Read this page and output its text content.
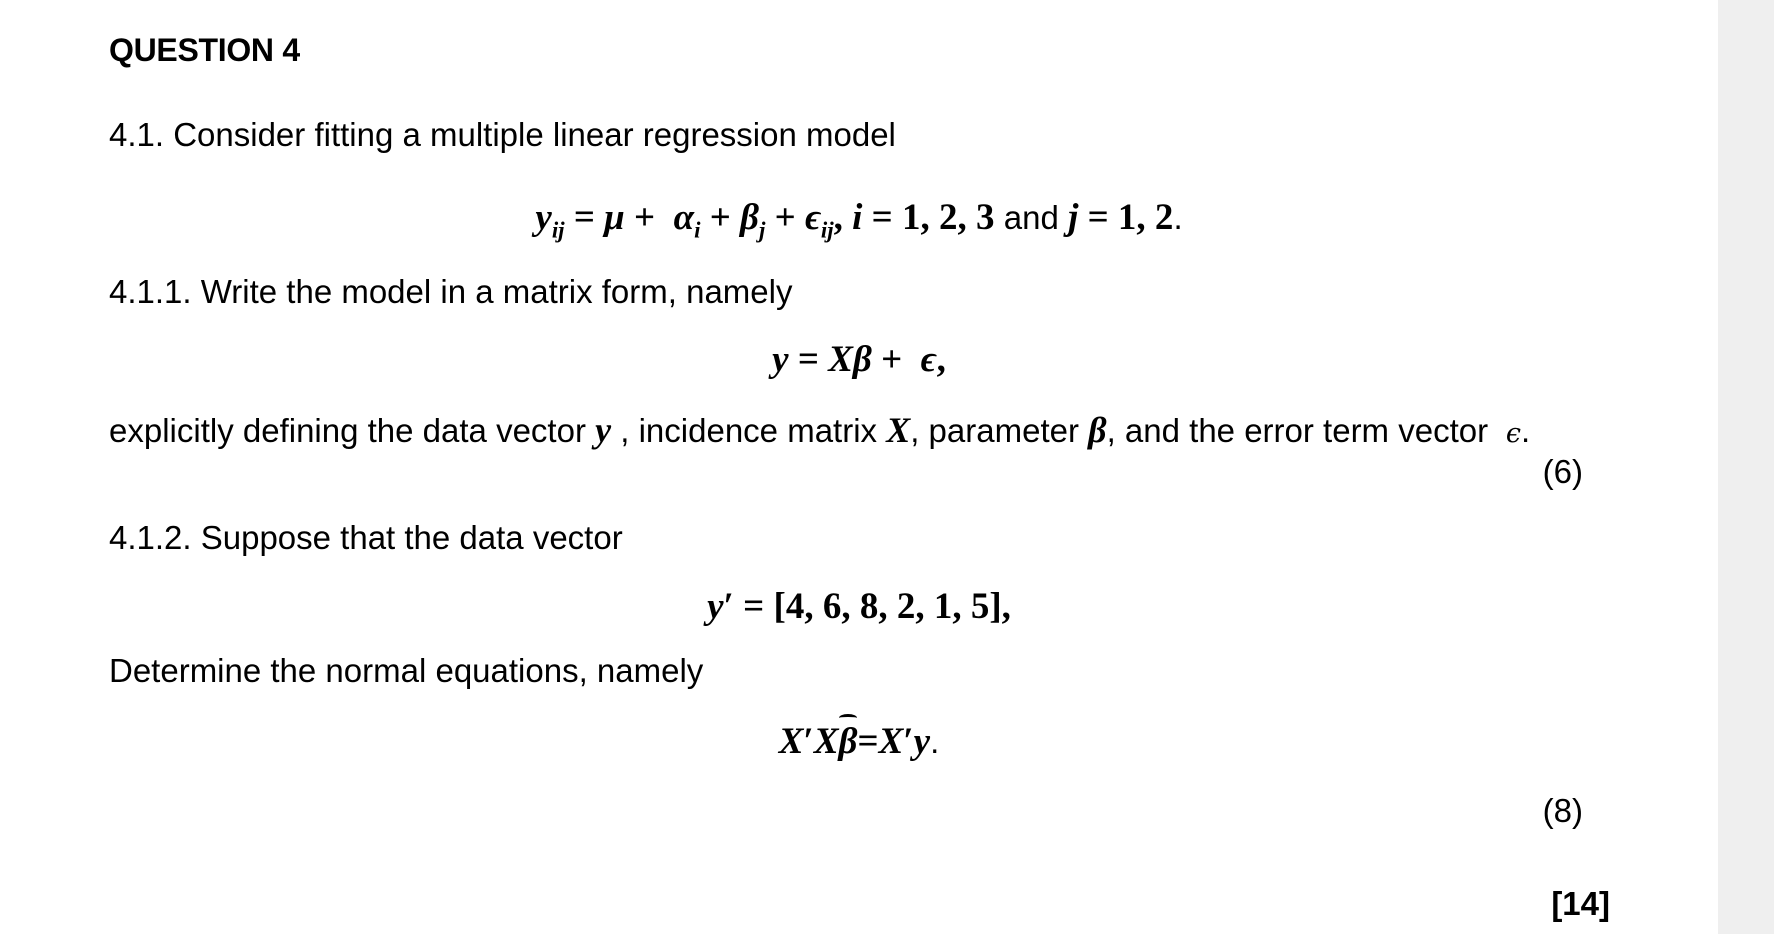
QUESTION 4
4.1. Consider fitting a multiple linear regression model
$y_{ij} = \mu + \alpha_i + \beta_j + \epsilon_{ij}$, i = 1, 2, 3 and j = 1, 2.
4.1.1. Write the model in a matrix form, namely
y = Xβ +  ϵ,
explicitly defining the data vector y , incidence matrix X, parameter β, and the error term vector  ϵ.
(6)
4.1.2. Suppose that the data vector
y′ = [4, 6, 8, 2, 1, 5],
Determine the normal equations, namely
X′Xβ=X′y.
(8)
[14]
